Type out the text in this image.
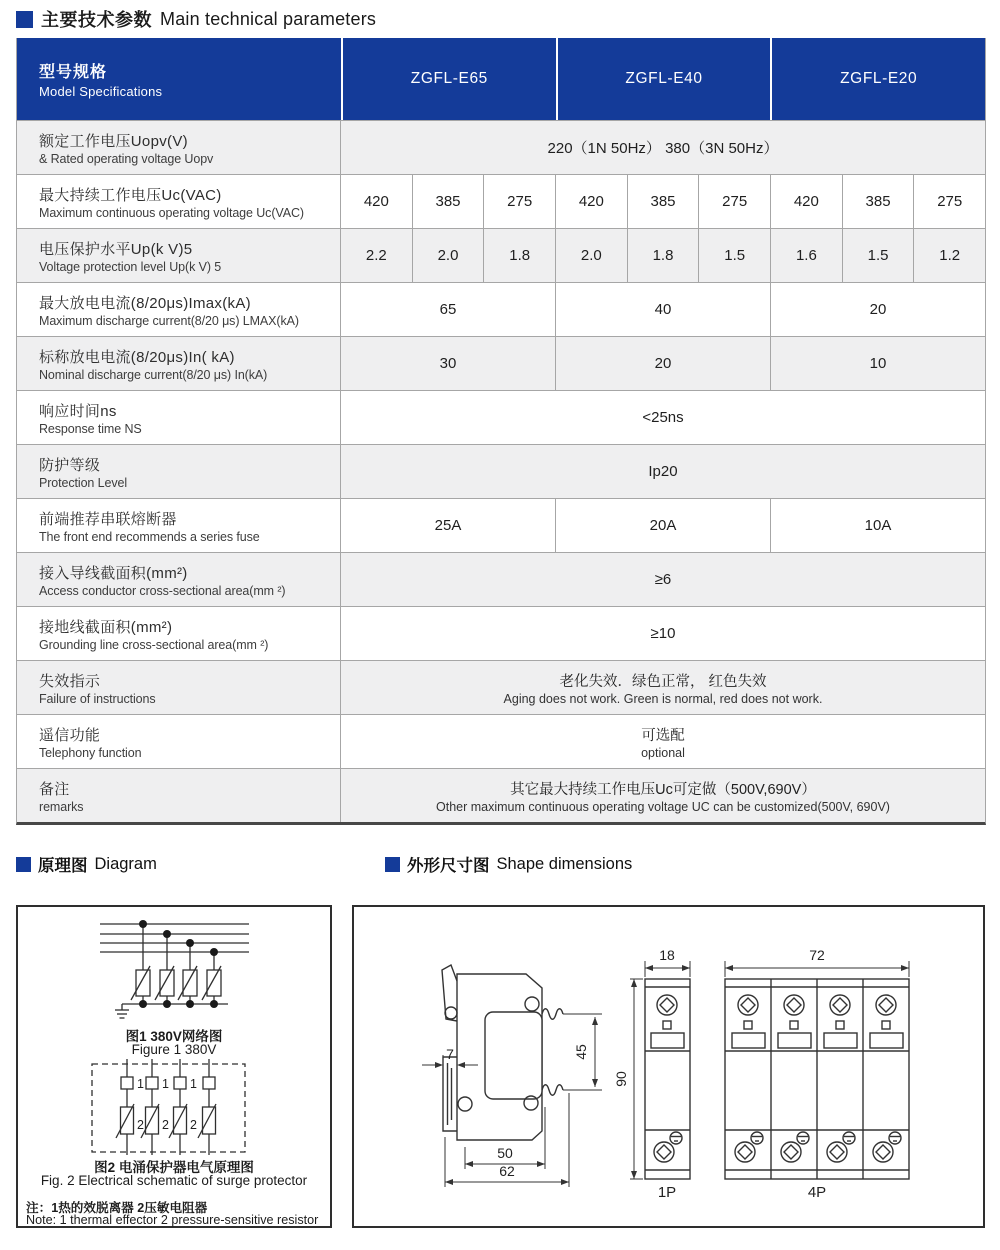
主要技术参数 Main technical parameters
型号规格
Model Specifications
ZGFL-E65	ZGFL-E40	ZGFL-E20
额定工作电压Uopv(V)
& Rated operating voltage Uopv
220（1N 50Hz） 380（3N 50Hz）
最大持续工作电压Uc(VAC)
Maximum continuous operating voltage Uc(VAC)
420	385	275	420	385	275	420	385	275
电压保护水平Up(k V)5
Voltage protection level Up(k V) 5
2.2	2.0	1.8	2.0	1.8	1.5	1.6	1.5	1.2
最大放电电流(8/20μs)Imax(kA)
Maximum discharge current(8/20 μs) LMAX(kA)
65	40	20
标称放电电流(8/20μs)In( kA)
Nominal discharge current(8/20 μs) In(kA)
30	20	10
响应时间ns
Response time NS
<25ns
防护等级
Protection Level
Ip20
前端推荐串联熔断器
The front end recommends a series fuse
25A	20A	10A
接入导线截面积(mm²)
Access conductor cross-sectional area(mm ²)
≥6
接地线截面积(mm²)
Grounding line cross-sectional area(mm ²)
≥10
失效指示
Failure of instructions
老化失效．绿色正常， 红色失效
Aging does not work. Green is normal, red does not work.
遥信功能
Telephony function
可选配
optional
备注
remarks
其它最大持续工作电压Uc可定做（500V,690V）
Other maximum continuous operating voltage UC can be customized(500V, 690V)
原理图 Diagram	外形尺寸图 Shape dimensions
1 1 1
2 2 2
图1 380V网络图
Figure 1 380V
图2 电涌保护器电气原理图
Fig. 2 Electrical schematic of surge protector
注：1热的效脱离器 2压敏电阻器
Note: 1 thermal effector 2 pressure-sensitive resistor
7	45
50
62
18
90
72
1P	4P
